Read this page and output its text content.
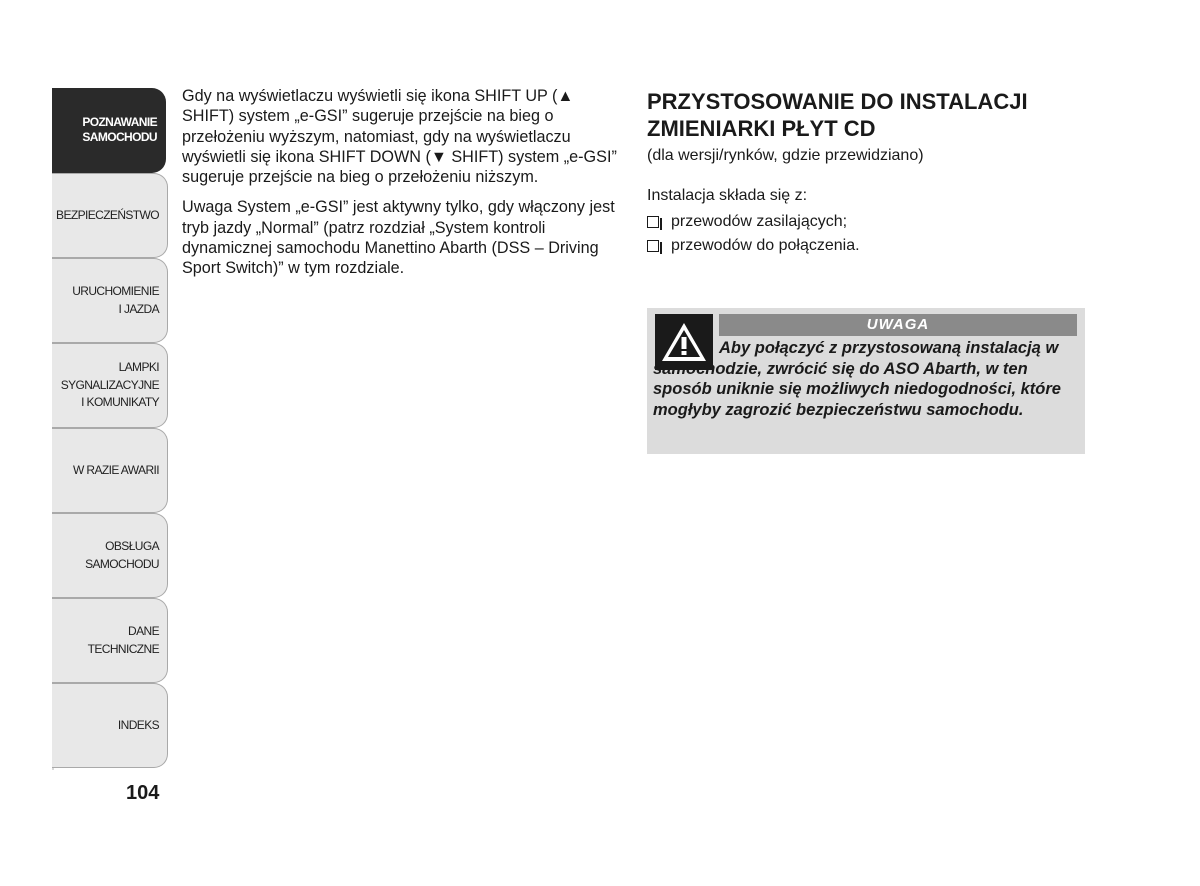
POZNAWANIE
SAMOCHODU
BEZPIECZEŃSTWO
URUCHOMIENIE
I JAZDA
LAMPKI
SYGNALIZACYJNE
I KOMUNIKATY
W RAZIE AWARII
OBSŁUGA
SAMOCHODU
DANE
TECHNICZNE
INDEKS
104

Gdy na wyświetlaczu wyświetli się ikona SHIFT UP (▲ SHIFT) system „e-GSI” sugeruje przejście na bieg o przełożeniu wyższym, natomiast, gdy na wyświetlaczu wyświetli się ikona SHIFT DOWN (▼ SHIFT) system „e-GSI” sugeruje przejście na bieg o przełożeniu niższym.

Uwaga System „e-GSI” jest aktywny tylko, gdy włączony jest tryb jazdy „Normal” (patrz rozdział „System kontroli dynamicznej samochodu Manettino Abarth (DSS – Driving Sport Switch)” w tym rozdziale.

PRZYSTOSOWANIE DO INSTALACJI ZMIENIARKI PŁYT CD

(dla wersji/rynków, gdzie przewidziano)

Instalacja składa się z:

przewodów zasilających;
przewodów do połączenia.
UWAGA

Aby połączyć z przystosowaną instalacją w samochodzie, zwrócić się do ASO Abarth, w ten sposób uniknie się możliwych niedogodności, które mogłyby zagrozić bezpieczeństwu samochodu.
